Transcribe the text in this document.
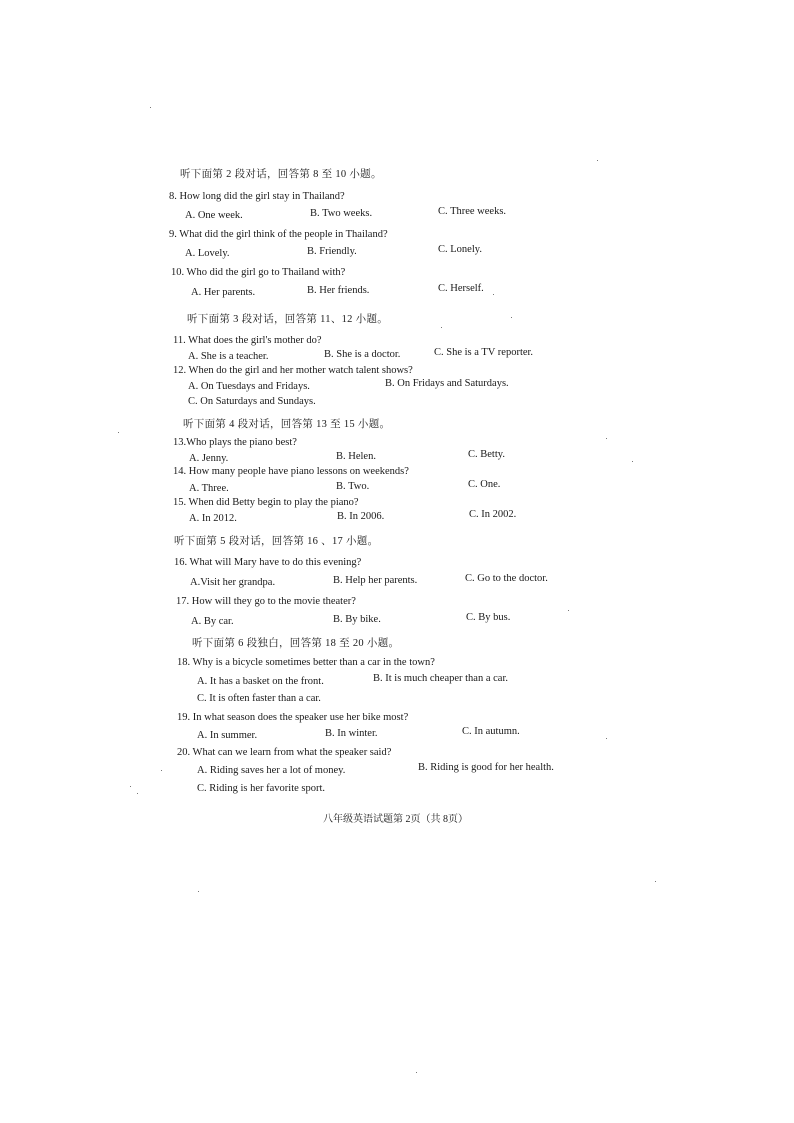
听下面第 2 段对话，回答第 8 至 10 小题。
8. How long did the girl stay in Thailand?
A. One week.	B. Two weeks.	C. Three weeks.
9. What did the girl think of the people in Thailand?
A. Lovely.	B. Friendly.	C. Lonely.
10. Who did the girl go to Thailand with?
A. Her parents.	B. Her friends.	C. Herself.
听下面第 3 段对话，回答第 11、12 小题。
11. What does the girl's mother do?
A. She is a teacher.	B. She is a doctor.	C. She is a TV reporter.
12. When do the girl and her mother watch talent shows?
A. On Tuesdays and Fridays.	B. On Fridays and Saturdays.
C. On Saturdays and Sundays.
听下面第 4 段对话，回答第 13 至 15 小题。
13.Who plays the piano best?
A. Jenny.	B. Helen.	C. Betty.
14. How many people have piano lessons on weekends?
A. Three.	B. Two.	C. One.
15. When did Betty begin to play the piano?
A. In 2012.	B. In 2006.	C. In 2002.
听下面第 5 段对话，回答第 16 、17 小题。
16. What will Mary have to do this evening?
A.Visit her grandpa.	B. Help her parents.	C. Go to the doctor.
17. How will they go to the movie theater?
A. By car.	B. By bike.	C. By bus.
听下面第 6 段独白，回答第 18 至 20 小题。
18. Why is a bicycle sometimes better than a car in the town?
A. It has a basket on the front.	B. It is much cheaper than a car.
C. It is often faster than a car.
19. In what season does the speaker use her bike most?
A. In summer.	B. In winter.	C. In autumn.
20. What can we learn from what the speaker said?
A. Riding saves her a lot of money.	B. Riding is good for her health.
C. Riding is her favorite sport.
八年级英语试题第 2页（共 8页）
